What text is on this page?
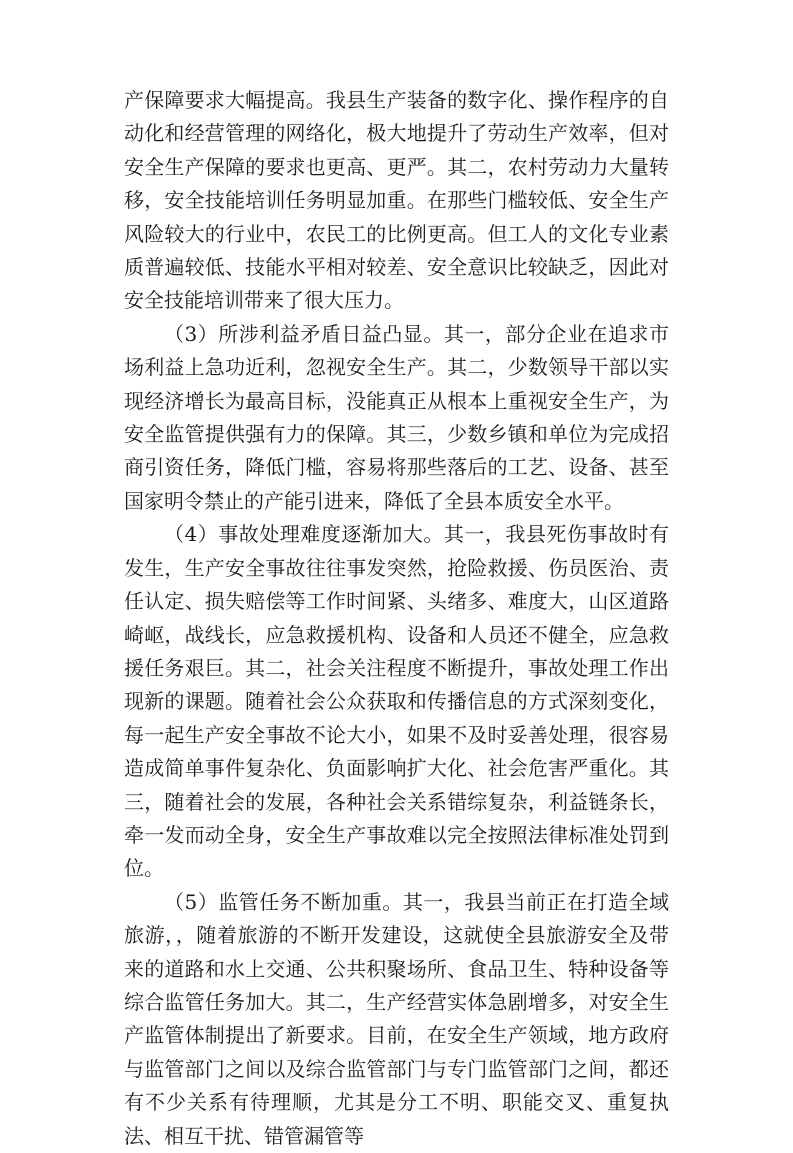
产保障要求大幅提高。我县生产装备的数字化、操作程序的自动化和经营管理的网络化，极大地提升了劳动生产效率，但对安全生产保障的要求也更高、更严。其二，农村劳动力大量转移，安全技能培训任务明显加重。在那些门槛较低、安全生产风险较大的行业中，农民工的比例更高。但工人的文化专业素质普遍较低、技能水平相对较差、安全意识比较缺乏，因此对安全技能培训带来了很大压力。

（3）所涉利益矛盾日益凸显。其一，部分企业在追求市场利益上急功近利，忽视安全生产。其二，少数领导干部以实现经济增长为最高目标，没能真正从根本上重视安全生产，为安全监管提供强有力的保障。其三，少数乡镇和单位为完成招商引资任务，降低门槛，容易将那些落后的工艺、设备、甚至国家明令禁止的产能引进来，降低了全县本质安全水平。

（4）事故处理难度逐渐加大。其一，我县死伤事故时有发生，生产安全事故往往事发突然，抢险救援、伤员医治、责任认定、损失赔偿等工作时间紧、头绪多、难度大，山区道路崎岖，战线长，应急救援机构、设备和人员还不健全，应急救援任务艰巨。其二，社会关注程度不断提升，事故处理工作出现新的课题。随着社会公众获取和传播信息的方式深刻变化，每一起生产安全事故不论大小，如果不及时妥善处理，很容易造成简单事件复杂化、负面影响扩大化、社会危害严重化。其三，随着社会的发展，各种社会关系错综复杂，利益链条长，牵一发而动全身，安全生产事故难以完全按照法律标准处罚到位。

（5）监管任务不断加重。其一，我县当前正在打造全域旅游，，随着旅游的不断开发建设，这就使全县旅游安全及带来的道路和水上交通、公共积聚场所、食品卫生、特种设备等综合监管任务加大。其二，生产经营实体急剧增多，对安全生产监管体制提出了新要求。目前，在安全生产领域，地方政府与监管部门之间以及综合监管部门与专门监管部门之间，都还有不少关系有待理顺，尤其是分工不明、职能交叉、重复执法、相互干扰、错管漏管等
